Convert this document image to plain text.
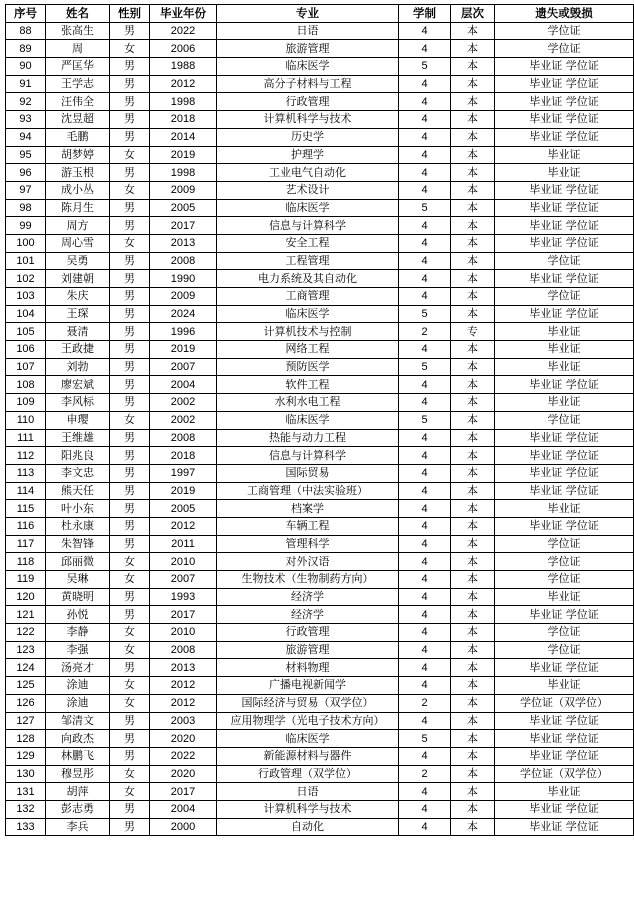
序号	姓名	性别	毕业年份	专业	学制	层次	遗失或毁损
88	张高生	男	2022	日语	4	本	学位证
89	周	女	2006	旅游管理	4	本	学位证
90	严匡华	男	1988	临床医学	5	本	毕业证 学位证
91	王学志	男	2012	高分子材料与工程	4	本	毕业证 学位证
92	汪伟全	男	1998	行政管理	4	本	毕业证 学位证
93	沈昱超	男	2018	计算机科学与技术	4	本	毕业证 学位证
94	毛鹏	男	2014	历史学	4	本	毕业证 学位证
95	胡梦婷	女	2019	护理学	4	本	毕业证
96	游玉根	男	1998	工业电气自动化	4	本	毕业证
97	成小丛	女	2009	艺术设计	4	本	毕业证 学位证
98	陈月生	男	2005	临床医学	5	本	毕业证 学位证
99	周方	男	2017	信息与计算科学	4	本	毕业证 学位证
100	周心雪	女	2013	安全工程	4	本	毕业证 学位证
101	吴勇	男	2008	工程管理	4	本	学位证
102	刘建朝	男	1990	电力系统及其自动化	4	本	毕业证 学位证
103	朱庆	男	2009	工商管理	4	本	学位证
104	王琛	男	2024	临床医学	5	本	毕业证 学位证
105	聂清	男	1996	计算机技术与控制	2	专	毕业证
106	王政捷	男	2019	网络工程	4	本	毕业证
107	刘勃	男	2007	预防医学	5	本	毕业证
108	廖宏斌	男	2004	软件工程	4	本	毕业证 学位证
109	李风标	男	2002	水利水电工程	4	本	毕业证
110	申璎	女	2002	临床医学	5	本	学位证
111	王维雄	男	2008	热能与动力工程	4	本	毕业证 学位证
112	阳兆良	男	2018	信息与计算科学	4	本	毕业证 学位证
113	李文忠	男	1997	国际贸易	4	本	毕业证 学位证
114	熊天任	男	2019	工商管理（中法实验班）	4	本	毕业证 学位证
115	叶小东	男	2005	档案学	4	本	毕业证
116	杜永康	男	2012	车辆工程	4	本	毕业证 学位证
117	朱智锋	男	2011	管理科学	4	本	学位证
118	邱丽微	女	2010	对外汉语	4	本	学位证
119	吴琳	女	2007	生物技术（生物制药方向）	4	本	学位证
120	黄晓明	男	1993	经济学	4	本	毕业证
121	孙悦	男	2017	经济学	4	本	毕业证 学位证
122	李静	女	2010	行政管理	4	本	学位证
123	李强	女	2008	旅游管理	4	本	学位证
124	汤亮才	男	2013	材料物理	4	本	毕业证 学位证
125	涂迪	女	2012	广播电视新闻学	4	本	毕业证
126	涂迪	女	2012	国际经济与贸易（双学位）	2	本	学位证（双学位）
127	邹清文	男	2003	应用物理学（光电子技术方向）	4	本	毕业证 学位证
128	向政杰	男	2020	临床医学	5	本	毕业证 学位证
129	林鹏飞	男	2022	新能源材料与器件	4	本	毕业证 学位证
130	穆昱彤	女	2020	行政管理（双学位）	2	本	学位证（双学位）
131	胡萍	女	2017	日语	4	本	毕业证
132	彭志勇	男	2004	计算机科学与技术	4	本	毕业证 学位证
133	李兵	男	2000	自动化	4	本	毕业证 学位证
